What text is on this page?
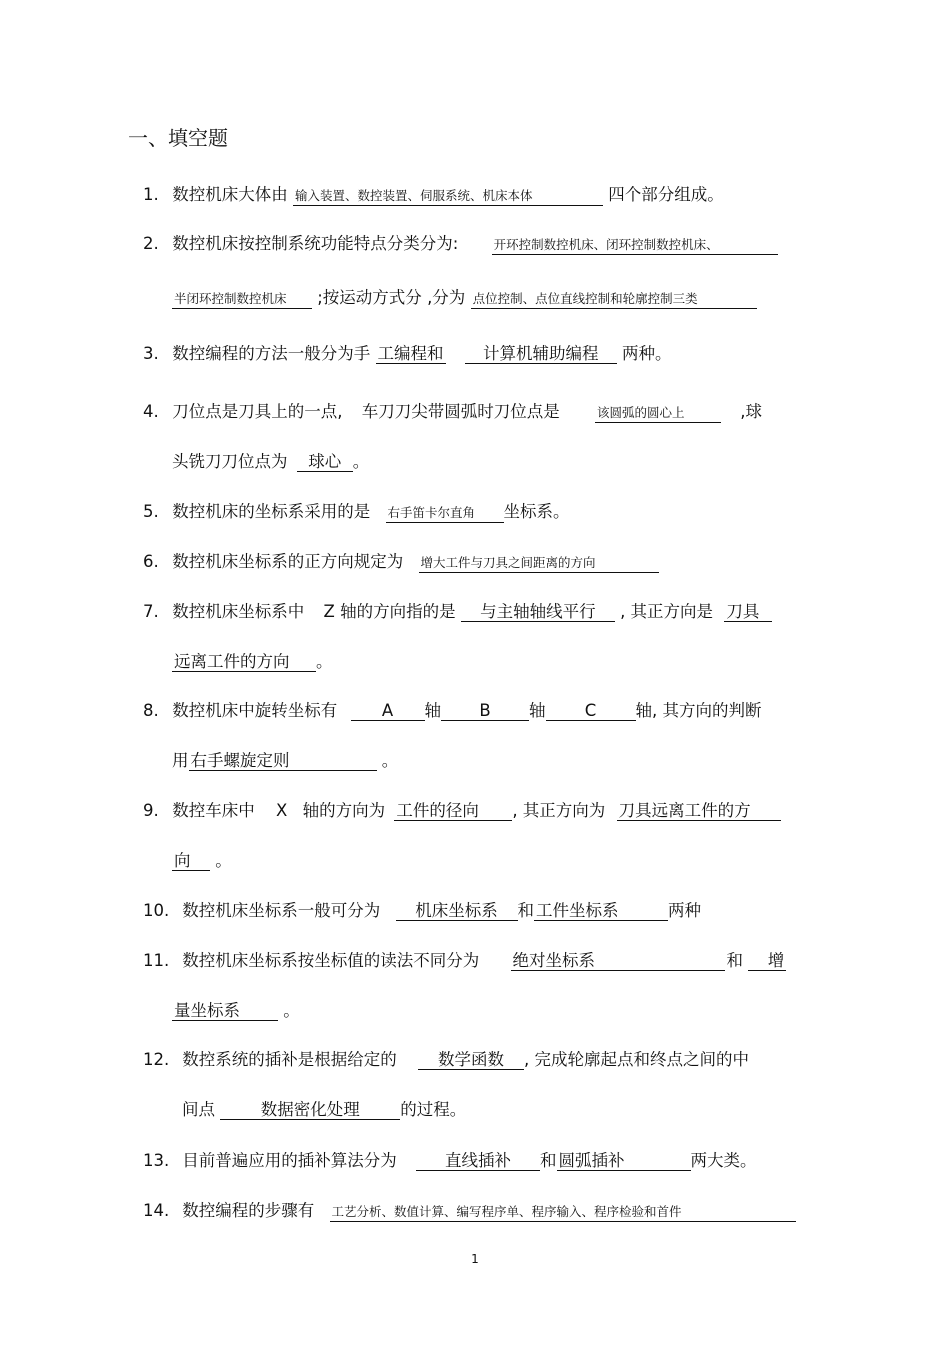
一、填空题
1. 数控机床大体由 输入装置、数控装置、伺服系统、机床本体	四个部分组成。
2. 数控机床按控制系统功能特点分类分为:	开环控制数控机床、闭环控制数控机床、
半闭环控制数控机床 ;按运动方式分 ,分为 点位控制、点位直线控制和轮廓控制三类
3. 数控编程的方法一般分为手 工编程和 计算机辅助编程 两种。
4. 刀位点是刀具上的一点, 车刀刀尖带圆弧时刀位点是	该圆弧的圆心上	,球
头铣刀刀位点为 球心 。
5. 数控机床的坐标系采用的是 右手笛卡尔直角 坐标系。
6. 数控机床坐标系的正方向规定为 增大工件与刀具之间距离的方向
7. 数控机床坐标系中 Z 轴的方向指的是 与主轴轴线平行 , 其正方向是 刀具
远离工件的方向 。
8. 数控机床中旋转坐标有	A 轴 B 轴 C 轴, 其方向的判断
用 右手螺旋定则	。
9. 数控车床中 X 轴的方向为 工件的径向 , 其正方向为 刀具远离工件的方
向 。
10. 数控机床坐标系一般可分为 机床坐标系 和 工件坐标系	两种
11. 数控机床坐标系按坐标值的读法不同分为 绝对坐标系	和 增
量坐标系	。
12. 数控系统的插补是根据给定的	数学函数 , 完成轮廓起点和终点之间的中
间点	数据密化处理 的过程。
13. 目前普遍应用的插补算法分为	直线插补 和 圆弧插补	两大类。
14. 数控编程的步骤有 工艺分析、数值计算、编写程序单、程序输入、程序检验和首件
1
